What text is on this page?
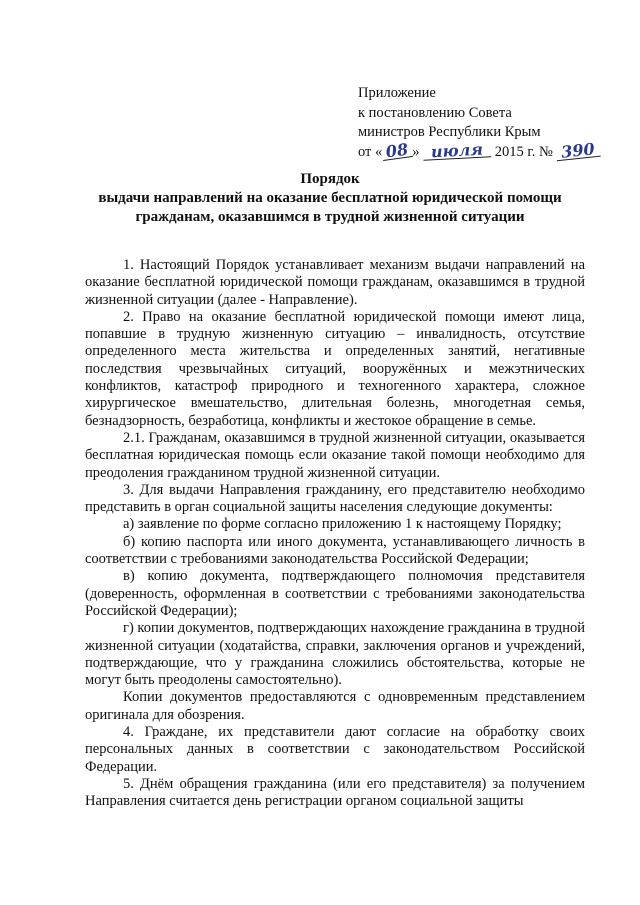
Приложение
к постановлению Совета
министров Республики Крым
от « 08 » июля 2015 г. № 390
Порядок
выдачи направлений на оказание бесплатной юридической помощи
гражданам, оказавшимся в трудной жизненной ситуации

1. Настоящий Порядок устанавливает механизм выдачи направлений на оказание бесплатной юридической помощи гражданам, оказавшимся в трудной жизненной ситуации (далее - Направление).

2. Право на оказание бесплатной юридической помощи имеют лица, попавшие в трудную жизненную ситуацию – инвалидность, отсутствие определенного места жительства и определенных занятий, негативные последствия чрезвычайных ситуаций, вооружённых и межэтнических конфликтов, катастроф природного и техногенного характера, сложное хирургическое вмешательство, длительная болезнь, многодетная семья, безнадзорность, безработица, конфликты и жестокое обращение в семье.

2.1. Гражданам, оказавшимся в трудной жизненной ситуации, оказывается бесплатная юридическая помощь если оказание такой помощи необходимо для преодоления гражданином трудной жизненной ситуации.

3. Для выдачи Направления гражданину, его представителю необходимо представить в орган социальной защиты населения следующие документы:

а) заявление по форме согласно приложению 1 к настоящему Порядку;

б) копию паспорта или иного документа, устанавливающего личность в соответствии с требованиями законодательства Российской Федерации;

в) копию документа, подтверждающего полномочия представителя (доверенность, оформленная в соответствии с требованиями законодательства Российской Федерации);

г) копии документов, подтверждающих нахождение гражданина в трудной жизненной ситуации (ходатайства, справки, заключения органов и учреждений, подтверждающие, что у гражданина сложились обстоятельства, которые не могут быть преодолены самостоятельно).

Копии документов предоставляются с одновременным представлением оригинала для обозрения.

4. Граждане, их представители дают согласие на обработку своих персональных данных в соответствии с законодательством Российской Федерации.

5. Днём обращения гражданина (или его представителя) за получением Направления считается день регистрации органом социальной защиты
